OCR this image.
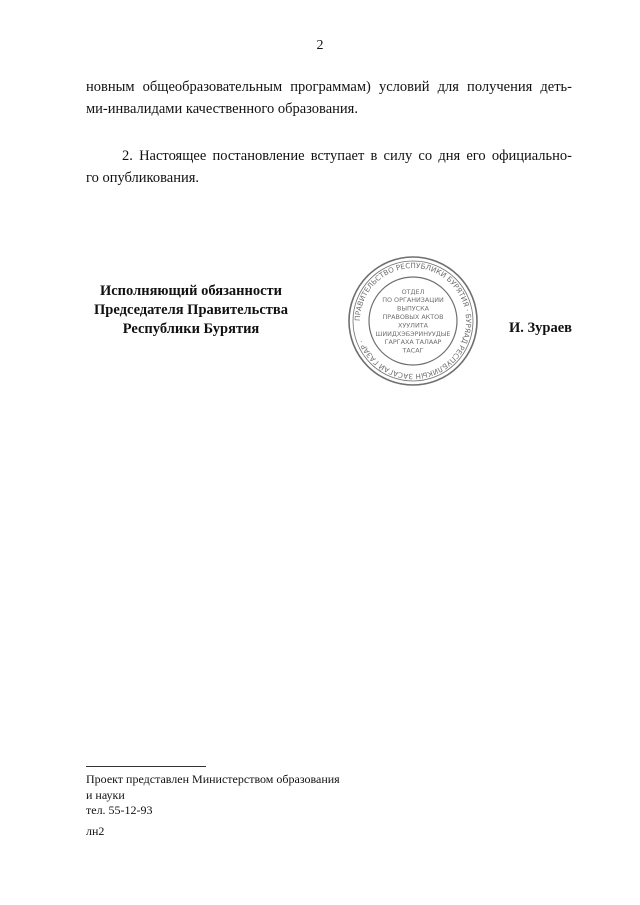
2
новным общеобразовательным программам) условий для получения деть-
ми-инвалидами качественного образования.
2. Настоящее постановление вступает в силу со дня его официально-
го опубликования.
Исполняющий обязанности
Председателя Правительства
Республики Бурятия
ПРАВИТЕЛЬСТВО РЕСПУБЛИКИ БУРЯТИЯ · БУРЯАД РЕСПУБЛИКЫН ЗАСАГАЙ ГАЗАР ·
ОТДЕЛ
ПО ОРГАНИЗАЦИИ
ВЫПУСКА
ПРАВОВЫХ АКТОВ
ХУУЛИТА
ШИИДХЭБЭРИНУУДЫЕ
ГАРГАХА ТАЛААР
ТАСАГ
И. Зураев
Проект представлен Министерством образования
и науки
тел. 55-12-93
лн2
